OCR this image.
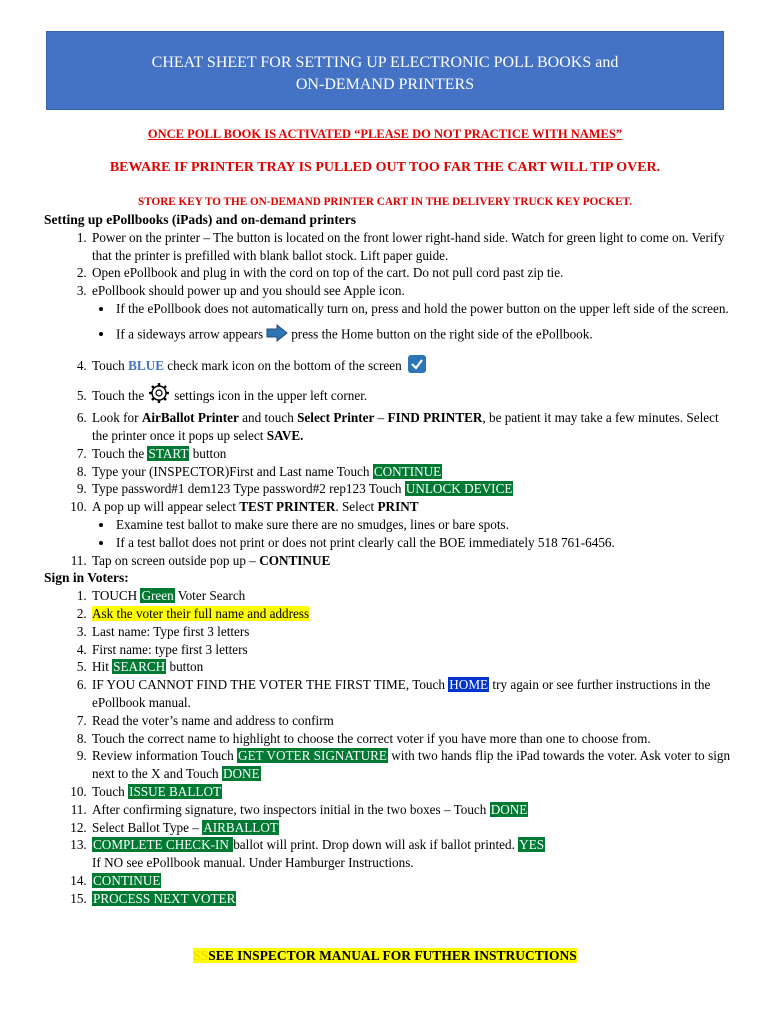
CHEAT SHEET FOR SETTING UP ELECTRONIC POLL BOOKS and
ON-DEMAND PRINTERS
ONCE POLL BOOK IS ACTIVATED “PLEASE DO NOT PRACTICE WITH NAMES”
BEWARE IF PRINTER TRAY IS PULLED OUT TOO FAR THE CART WILL TIP OVER.
STORE KEY TO THE ON-DEMAND PRINTER CART IN THE DELIVERY TRUCK KEY POCKET.
Setting up ePollbooks (iPads) and on-demand printers
1. Power on the printer – The button is located on the front lower right-hand side. Watch for green light to come on. Verify that the printer is prefilled with blank ballot stock. Lift paper guide.
2. Open ePollbook and plug in with the cord on top of the cart. Do not pull cord past zip tie.
3. ePollbook should power up and you should see Apple icon.
• If the ePollbook does not automatically turn on, press and hold the power button on the upper left side of the screen.
• If a sideways arrow appears press the Home button on the right side of the ePollbook.
4. Touch BLUE check mark icon on the bottom of the screen
5. Touch the settings icon in the upper left corner.
6. Look for AirBallot Printer and touch Select Printer – FIND PRINTER, be patient it may take a few minutes. Select the printer once it pops up select SAVE.
7. Touch the START button
8. Type your (INSPECTOR)First and Last name Touch CONTINUE
9. Type password#1 dem123 Type password#2 rep123 Touch UNLOCK DEVICE
10. A pop up will appear select TEST PRINTER. Select PRINT
• Examine test ballot to make sure there are no smudges, lines or bare spots.
• If a test ballot does not print or does not print clearly call the BOE immediately 518 761-6456.
11. Tap on screen outside pop up – CONTINUE
Sign in Voters:
1. TOUCH Green Voter Search
2. Ask the voter their full name and address
3. Last name: Type first 3 letters
4. First name: type first 3 letters
5. Hit SEARCH button
6. IF YOU CANNOT FIND THE VOTER THE FIRST TIME, Touch HOME try again or see further instructions in the ePollbook manual.
7. Read the voter’s name and address to confirm
8. Touch the correct name to highlight to choose the correct voter if you have more than one to choose from.
9. Review information Touch GET VOTER SIGNATURE with two hands flip the iPad towards the voter. Ask voter to sign next to the X and Touch DONE
10. Touch ISSUE BALLOT
11. After confirming signature, two inspectors initial in the two boxes – Touch DONE
12. Select Ballot Type – AIRBALLOT
13. COMPLETE CHECK-IN ballot will print. Drop down will ask if ballot printed. YES
If NO see ePollbook manual. Under Hamburger Instructions.
14. CONTINUE
15. PROCESS NEXT VOTER
SSSEE INSPECTOR MANUAL FOR FUTHER INSTRUCTIONS
